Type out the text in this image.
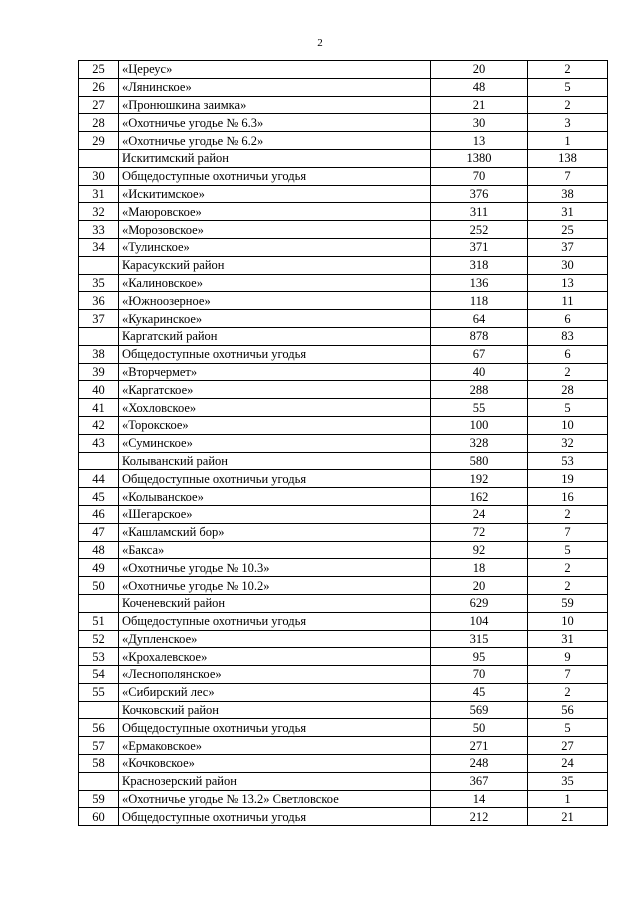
2
25	«Цереус»	20	2
26	«Лянинское»	48	5
27	«Пронюшкина заимка»	21	2
28	«Охотничье угодье № 6.3»	30	3
29	«Охотничье угодье № 6.2»	13	1
	Искитимский район	1380	138
30	Общедоступные охотничьи угодья	70	7
31	«Искитимское»	376	38
32	«Маюровское»	311	31
33	«Морозовское»	252	25
34	«Тулинское»	371	37
	Карасукский район	318	30
35	«Калиновское»	136	13
36	«Южноозерное»	118	11
37	«Кукаринское»	64	6
	Каргатский район	878	83
38	Общедоступные охотничьи угодья	67	6
39	«Вторчермет»	40	2
40	«Каргатское»	288	28
41	«Хохловское»	55	5
42	«Торокское»	100	10
43	«Суминское»	328	32
	Колыванский район	580	53
44	Общедоступные охотничьи угодья	192	19
45	«Колыванское»	162	16
46	«Шегарское»	24	2
47	«Кашламский бор»	72	7
48	«Бакса»	92	5
49	«Охотничье угодье № 10.3»	18	2
50	«Охотничье угодье № 10.2»	20	2
	Коченевский район	629	59
51	Общедоступные охотничьи угодья	104	10
52	«Дупленское»	315	31
53	«Крохалевское»	95	9
54	«Леснополянское»	70	7
55	«Сибирский лес»	45	2
	Кочковский район	569	56
56	Общедоступные охотничьи угодья	50	5
57	«Ермаковское»	271	27
58	«Кочковское»	248	24
	Краснозерский район	367	35
59	«Охотничье угодье № 13.2» Светловское	14	1
60	Общедоступные охотничьи угодья	212	21
